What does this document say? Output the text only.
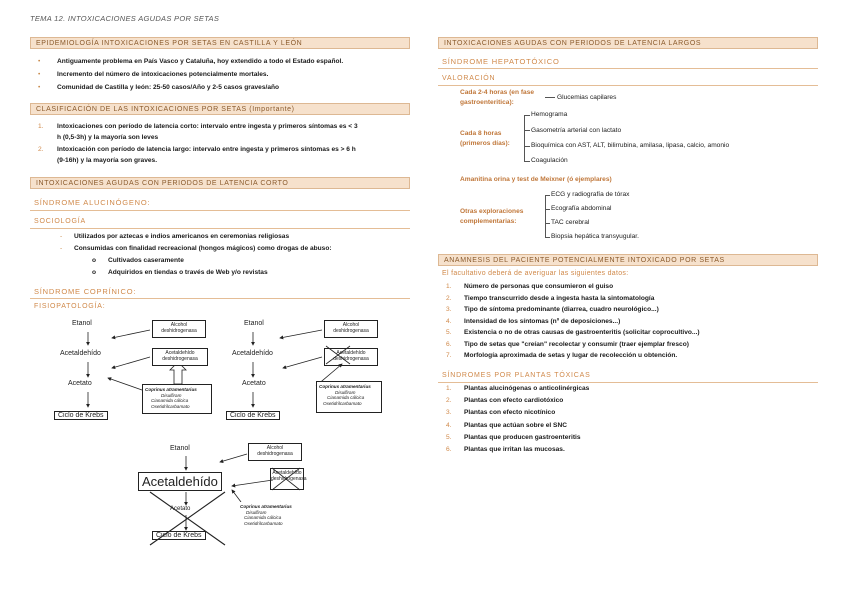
TEMA 12. INTOXICACIONES AGUDAS POR SETAS
EPIDEMIOLOGÍA INTOXICACIONES POR SETAS EN CASTILLA Y LEÓN
•	Antiguamente problema en País Vasco y Cataluña, hoy extendido a todo el Estado español.
•	Incremento del número de intoxicaciones potencialmente mortales.
•	Comunidad de Castilla y león: 25-50 casos/Año y 2-5 casos graves/año
CLASIFICACIÓN DE LAS INTOXICACIONES POR SETAS (Importante)
1. Intoxicaciones con período de latencia corto: intervalo entre ingesta y primeros síntomas es < 3
h (0,5-3h) y la mayoría son leves
2. Intoxicación con período de latencia largo: intervalo entre ingesta y primeros síntomas es > 6 h
(9-16h) y la mayoría son graves.
INTOXICACIONES AGUDAS CON PERIODOS DE LATENCIA CORTO
SÍNDROME ALUCINÓGENO:
SOCIOLOGÍA
- Utilizados por aztecas e indios americanos en ceremonias religiosas
- Consumidas con finalidad recreacional (hongos mágicos) como drogas de abuso:
o Cultivados caseramente
o Adquiridos en tiendas o través de Web y/o revistas
SÍNDROME COPRÍNICO:
FISIOPATOLOGÍA:
Etanol	Alcohol deshidrogenasa
Acetaldehído	Acetaldehído deshidrogenasa
Acetato
Ciclo de Krebs
Coprinus atramentarius
Disulfiram
Cianamida cálcica
Oxetidrilcarbamato
Etanol	Alcohol deshidrogenasa
Acetaldehído	Acetaldehído deshidrogenasa
Acetato
Ciclo de Krebs
Coprinus atramentarius
Disulfiram
Cianamida cálcica
Oxetidrilcarbamato
Etanol	Alcohol deshidrogenasa
Acetaldehído
Acetaldehído deshidrogenasa
Acetato
Ciclo de Krebs
Coprinus atramentarius
Disulfiram
Cianamida cálcica
Oxetidrilcarbamato
INTOXICACIONES AGUDAS CON PERIODOS DE LATENCIA LARGOS
SÍNDROME HEPATOTÓXICO
VALORACIÓN
Cada 2-4 horas (en fase
gastroenteritica):
Glucemias capilares
Cada 8 horas
(primeros días):
Hemograma
Gasometría arterial con lactato
Bioquímica con AST, ALT, bilirrubina, amilasa, lipasa, calcio, amonio
Coagulación
Amanitina orina y test de Meixner (ó ejemplares)
Otras exploraciones
complementarias:
ECG y radiografía de tórax
Ecografía abdominal
TAC cerebral
Biopsia hepática transyugular.
ANAMNESIS DEL PACIENTE POTENCIALMENTE INTOXICADO POR SETAS
El facultativo deberá de averiguar las siguientes datos:
1. Número de personas que consumieron el guiso
2. Tiempo transcurrido desde a ingesta hasta la sintomatología
3. Tipo de síntoma predominante (diarrea, cuadro neurológico...)
4. Intensidad de los síntomas (nº de deposiciones...)
5. Existencia o no de otras causas de gastroenteritis (solicitar coprocultivo...)
6. Tipo de setas que "creían" recolectar y consumir (traer ejemplar fresco)
7. Morfología aproximada de setas y lugar de recolección u obtención.
SÍNDROMES POR PLANTAS TÓXICAS
1. Plantas alucinógenas o anticolinérgicas
2. Plantas con efecto cardiotóxico
3. Plantas con efecto nicotínico
4. Plantas que actúan sobre el SNC
5. Plantas que producen gastroenteritis
6. Plantas que irritan las mucosas.
